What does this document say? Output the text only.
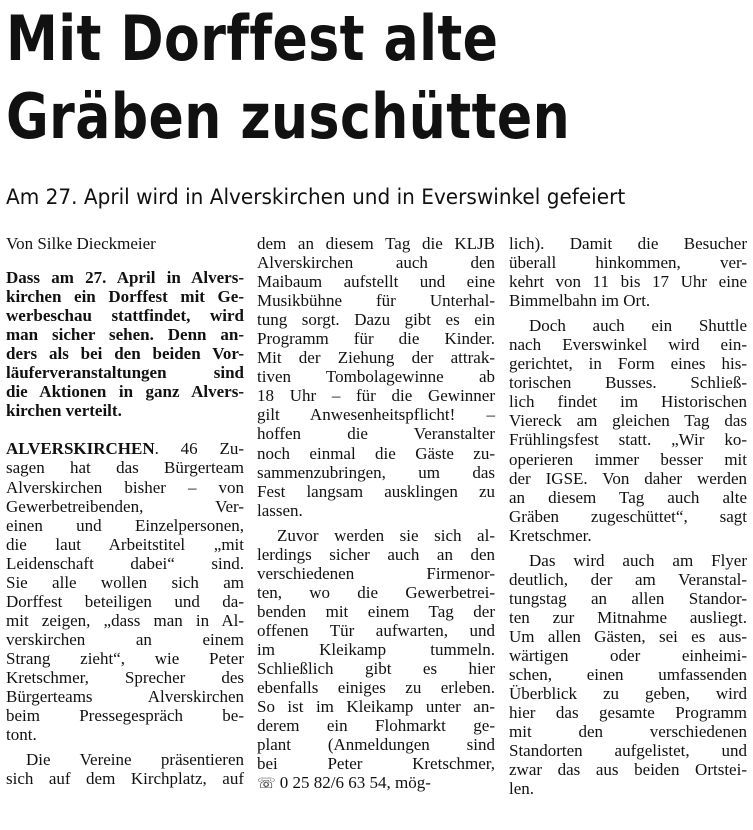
Mit Dorffest alte
Gräben zuschütten
Am 27. April wird in Alverskirchen und in Everswinkel gefeiert
Von Silke Dieckmeier
Dass am 27. April in Alvers-
kirchen ein Dorffest mit Ge-
werbeschau stattfindet, wird
man sicher sehen. Denn an-
ders als bei den beiden Vor-
läuferveranstaltungen sind
die Aktionen in ganz Alvers-
kirchen verteilt.
ALVERSKIRCHEN. 46 Zu-
sagen hat das Bürgerteam
Alverskirchen bisher – von
Gewerbetreibenden, Ver-
einen und Einzelpersonen,
die laut Arbeitstitel „mit
Leidenschaft dabei“ sind.
Sie alle wollen sich am
Dorffest beteiligen und da-
mit zeigen, „dass man in Al-
verskirchen an einem
Strang zieht“, wie Peter
Kretschmer, Sprecher des
Bürgerteams Alverskirchen
beim Pressegespräch be-
tont.
Die Vereine präsentieren
sich auf dem Kirchplatz, auf
dem an diesem Tag die KLJB
Alverskirchen auch den
Maibaum aufstellt und eine
Musikbühne für Unterhal-
tung sorgt. Dazu gibt es ein
Programm für die Kinder.
Mit der Ziehung der attrak-
tiven Tombolagewinne ab
18 Uhr – für die Gewinner
gilt Anwesenheitspflicht! –
hoffen die Veranstalter
noch einmal die Gäste zu-
sammenzubringen, um das
Fest langsam ausklingen zu
lassen.
Zuvor werden sie sich al-
lerdings sicher auch an den
verschiedenen Firmenor-
ten, wo die Gewerbetrei-
benden mit einem Tag der
offenen Tür aufwarten, und
im Kleikamp tummeln.
Schließlich gibt es hier
ebenfalls einiges zu erleben.
So ist im Kleikamp unter an-
derem ein Flohmarkt ge-
plant (Anmeldungen sind
bei Peter Kretschmer,
☏ 0 25 82/6 63 54, mög-
lich). Damit die Besucher
überall hinkommen, ver-
kehrt von 11 bis 17 Uhr eine
Bimmelbahn im Ort.
Doch auch ein Shuttle
nach Everswinkel wird ein-
gerichtet, in Form eines his-
torischen Busses. Schließ-
lich findet im Historischen
Viereck am gleichen Tag das
Frühlingsfest statt. „Wir ko-
operieren immer besser mit
der IGSE. Von daher werden
an diesem Tag auch alte
Gräben zugeschüttet“, sagt
Kretschmer.
Das wird auch am Flyer
deutlich, der am Veranstal-
tungstag an allen Standor-
ten zur Mitnahme ausliegt.
Um allen Gästen, sei es aus-
wärtigen oder einheimi-
schen, einen umfassenden
Überblick zu geben, wird
hier das gesamte Programm
mit den verschiedenen
Standorten aufgelistet, und
zwar das aus beiden Ortstei-
len.
